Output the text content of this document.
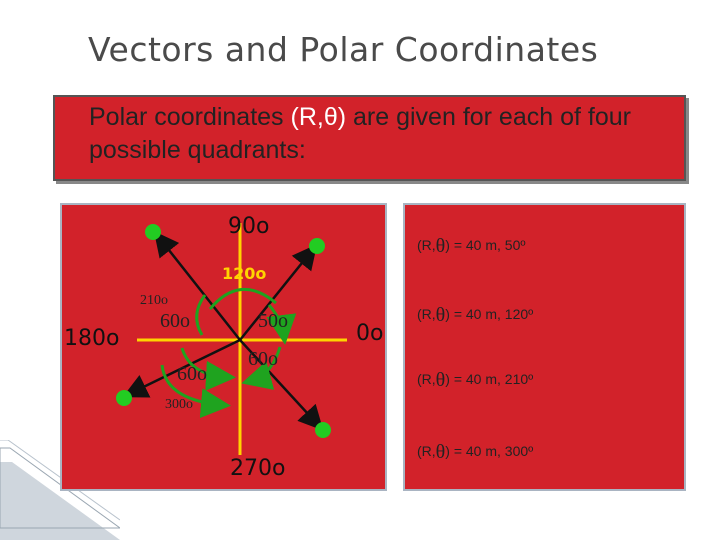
Vectors and Polar Coordinates
Polar coordinates (R,θ) are given for each of four possible quadrants:
90o
180o
270o
120o
210o
60o	50o
60o
60o
300o
(R,θ) = 40 m, 50º
(R,θ) = 40 m, 120º
(R,θ) = 40 m, 210º
(R,θ) = 40 m, 300º
0o
